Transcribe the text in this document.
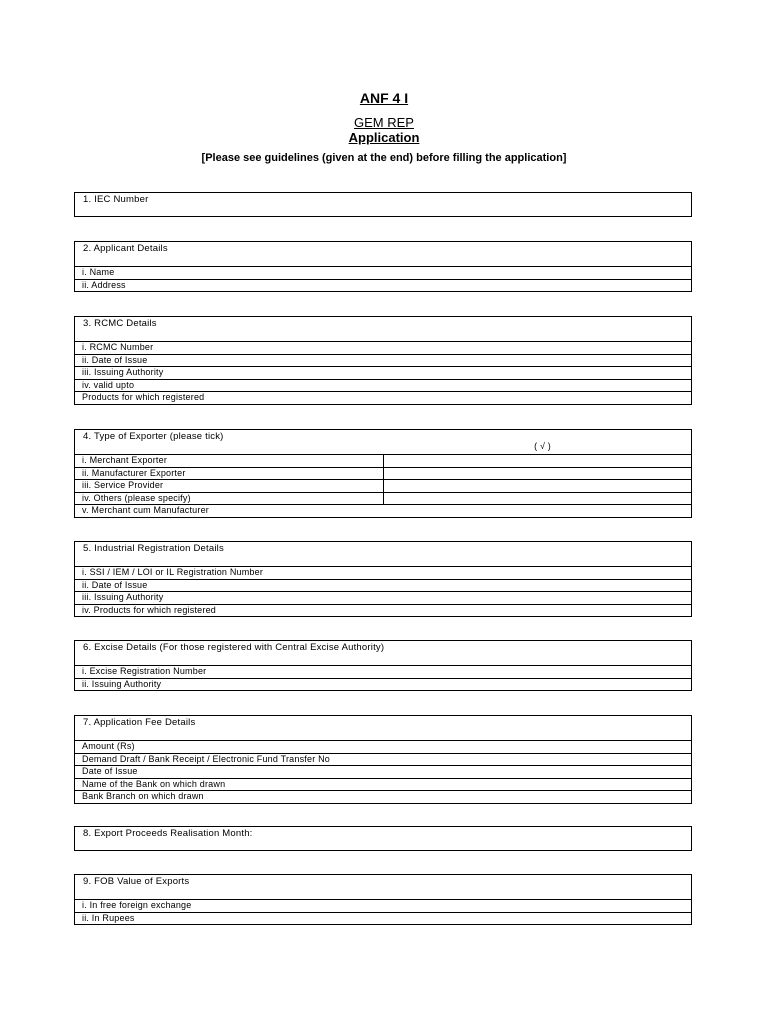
ANF 4 I
GEM REP
Application
[Please see guidelines (given at the end) before filling the application]
1. IEC Number
2. Applicant Details
i. Name
ii. Address
3. RCMC Details
i. RCMC Number
ii. Date of Issue
iii. Issuing Authority
iv. valid upto
Products for which registered
4. Type of Exporter (please tick)
( √ )
i. Merchant Exporter
ii. Manufacturer Exporter
iii. Service Provider
iv. Others (please specify)
v. Merchant cum Manufacturer
5. Industrial Registration Details
i. SSI / IEM / LOI or IL Registration Number
ii. Date of Issue
iii. Issuing Authority
iv. Products for which registered
6. Excise Details (For those registered with Central Excise Authority)
i. Excise Registration Number
ii. Issuing Authority
7. Application Fee Details
Amount (Rs)
Demand Draft / Bank Receipt / Electronic Fund Transfer No
Date of Issue
Name of the Bank on which drawn
Bank Branch on which drawn
8. Export Proceeds Realisation Month:
9. FOB Value of Exports
i. In free foreign exchange
ii. In Rupees
